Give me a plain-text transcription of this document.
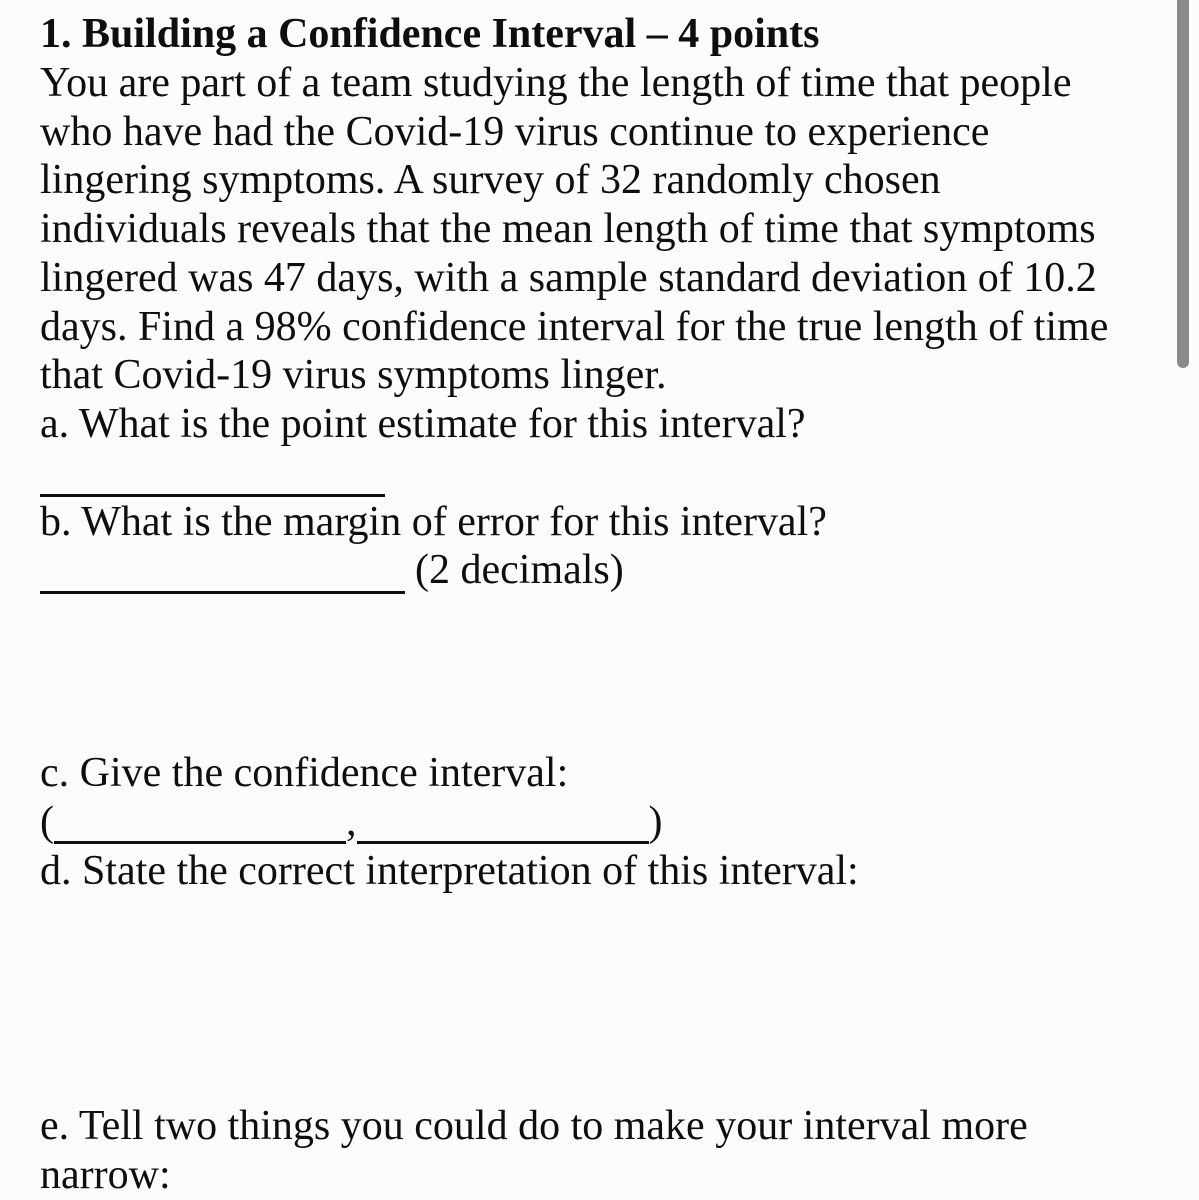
1. Building a Confidence Interval – 4 points
You are part of a team studying the length of time that people
who have had the Covid-19 virus continue to experience
lingering symptoms. A survey of 32 randomly chosen
individuals reveals that the mean length of time that symptoms
lingered was 47 days, with a sample standard deviation of 10.2
days. Find a 98% confidence interval for the true length of time
that Covid-19 virus symptoms linger.
a. What is the point estimate for this interval?
b. What is the margin of error for this interval?
(2 decimals)
c. Give the confidence interval:
(	,	)
d. State the correct interpretation of this interval:
e. Tell two things you could do to make your interval more
narrow:
